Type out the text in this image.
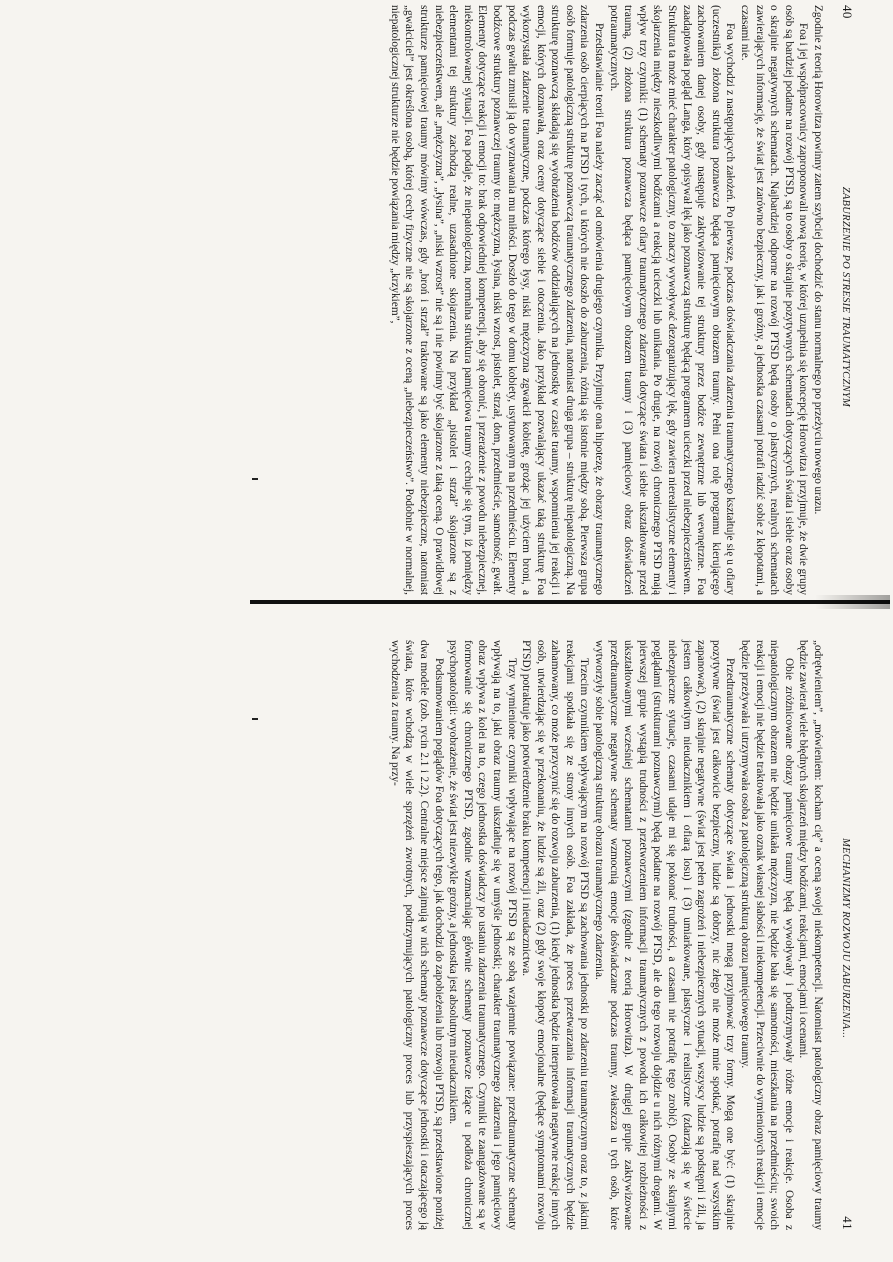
40
ZABURZENIE PO STRESIE TRAUMATYCZNYM

Zgodnie z teorią Horowitza powinny zatem szybciej dochodzić do stanu normalnego po przeżyciu nowego urazu.

Foa i jej współpracownicy zaproponowali nową teorię, w której uzupełnia się koncepcję Horowitza i przyjmuje, że dwie grupy osób są bardziej podatne na rozwój PTSD, są to osoby o skrajnie pozytywnych schematach dotyczących świata i siebie oraz osoby o skrajnie negatywnych schematach. Najbardziej odporne na rozwój PTSD będą osoby o plastycznych, realnych schematach zawierających informację, że świat jest zarówno bezpieczny, jak i groźny, a jednostka czasami potrafi radzić sobie z kłopotami, a czasami nie.

Foa wychodzi z następujących założeń. Po pierwsze, podczas doświadczania zdarzenia traumatycznego kształtuje się u ofiary (uczestnika) złożona struktura poznawcza będąca pamięciowym obrazem traumy. Pełni ona rolę programu kierującego zachowaniem danej osoby, gdy następuje zaktywizowanie tej struktury przez bodźce zewnętrzne lub wewnętrzne. Foa zaadaptowała pogląd Langa, który opisywał lęk jako poznawczą strukturę będącą programem ucieczki przed niebezpieczeństwem. Struktura ta może mieć charakter patologiczny, to znaczy wywoływać dezorganizujący lęk, gdy zawiera nierealistyczne elementy i skojarzenia między nieszkodliwymi bodźcami a reakcją ucieczki lub unikania. Po drugie, na rozwój chronicznego PTSD mają wpływ trzy czynniki: (1) schematy poznawcze ofiary traumatycznego zdarzenia dotyczące świata i siebie ukształtowane przed traumą, (2) złożona struktura poznawcza będąca pamięciowym obrazem traumy i (3) pamięciowy obraz doświadczeń potraumatycznych.

Przedstawianie teorii Foa należy zacząć od omówienia drugiego czynnika. Przyjmuje ona hipotezę, że obrazy traumatycznego zdarzenia osób cierpiących na PTSD i tych, u których nie doszło do zaburzenia, różnią się istotnie między sobą. Pierwsza grupa osób formuje patologiczną strukturę poznawczą traumatycznego zdarzenia, natomiast druga grupa – strukturę niepatologiczną. Na strukturę poznawczą składają się wyobrażenia bodźców oddziałujących na jednostkę w czasie traumy, wspomnienia jej reakcji i emocji, których doznawała, oraz oceny dotyczące siebie i otoczenia. Jako przykład pozwalający ukazać taką strukturę Foa wykorzystała zdarzenie traumatyczne, podczas którego łysy, niski mężczyzna zgwałcił kobietę, grożąc jej użyciem broni, a podczas gwałtu zmusił ją do wyznawania mu miłości. Doszło do tego w domu kobiety, usytuowanym na przedmieściu. Elementy bodźcowe struktury poznawczej traumy to: mężczyzna, łysina, niski wzrost, pistolet, strzał, dom, przedmieście, samotność, gwałt. Elementy dotyczące reakcji i emocji to: brak odpowiedniej kompetencji, aby się obronić, i przerażenie z powodu niebezpiecznej, niekontrolowanej sytuacji. Foa podaje, że niepatologiczna, normalna struktura pamięciowa traumy cechuje się tym, iż pomiędzy elementami tej struktury zachodzą realne, uzasadnione skojarzenia. Na przykład „pistolet i strzał” skojarzone są z niebezpieczeństwem, ale „mężczyzna”, „łysina”, „niski wzrost” nie są i nie powinny być skojarzone z taką oceną. O prawidłowej strukturze pamięciowej traumy mówimy wówczas, gdy „broń i strzał” traktowane są jako elementy niebezpieczne, natomiast „gwałciciel” jest określona osobą, której cechy fizyczne nie są skojarzone z oceną „niebezpieczeństwo”. Podobnie w normalnej, niepatologicznej strukturze nie będzie powiązania między „krzykiem”,

MECHANIZMY ROZWOJU ZABURZENIA...
41

„odrętwieniem”, „mówieniem: kocham cię” a oceną swojej niekompetencji. Natomiast patologiczny obraz pamięciowy traumy będzie zawierał wiele błędnych skojarzeń między bodźcami, reakcjami, emocjami i ocenami.

Obie zróżnicowane obrazy pamięciowe traumy będą wywoływały i podtrzymywały różne emocje i reakcje. Osoba z niepatologicznym obrazem nie będzie unikała mężczyzn, nie będzie bała się samotności, mieszkania na przedmieściu; swoich reakcji i emocji nie będzie traktowała jako oznak własnej słabości i niekompetencji. Przeciwnie do wymienionych reakcji i emocje będzie przeżywała i utrzymywała osoba z patologiczną strukturą obrazu pamięciowego traumy.

Przedtraumatyczne schematy dotyczące świata i jednostki mogą przyjmować trzy formy. Mogą one być: (1) skrajnie pozytywne (świat jest całkowicie bezpieczny, ludzie są dobrzy, nic złego nie może mnie spotkać, potrafię nad wszystkim zapanować), (2) skrajnie negatywne (świat jest pełen zagrożeń i niebezpiecznych sytuacji, wszyscy ludzie są podstępni i źli, ja jestem całkowitym nieudacznikiem i ofiarą losu) i (3) umiarkowane, plastyczne i realistyczne (zdarzają się w świecie niebezpieczne sytuacje, czasami udaje mi się pokonać trudności, a czasami nie potrafię tego zrobić). Osoby ze skrajnymi poglądami (strukturami poznawczymi) będą podatne na rozwój PTSD, ale do tego rozwoju dojdzie u nich różnymi drogami. W pierwszej grupie wystąpią trudności z przetworzeniem informacji traumatycznych z powodu ich całkowitej rozbieżności z ukształtowanymi wcześniej schematami poznawczymi (zgodnie z teorią Horowitza). W drugiej grupie zaktywizowane przedtraumatyczne negatywne schematy wzmocnią emocje doświadczane podczas traumy, zwłaszcza u tych osób, które wytworzyły sobie patologiczną strukturę obrazu traumatycznego zdarzenia.

Trzecim czynnikiem wpływającym na rozwój PTSD są zachowania jednostki po zdarzeniu traumatycznym oraz to, z jakimi reakcjami spotkała się ze strony innych osób. Foa zakłada, że proces przetwarzania informacji traumatycznych będzie zahamowany, co może przyczynić się do rozwoju zaburzenia, (1) kiedy jednostka będzie interpretowała negatywne reakcje innych osób, utwierdzając się w przekonaniu, że ludzie są źli, oraz (2) gdy swoje kłopoty emocjonalne (będące symptomami rozwoju PTSD) potraktuje jako potwierdzenie braku kompetencji i nieudacznictwa.

Trzy wymienione czynniki wpływające na rozwój PTSD są ze sobą wzajemnie powiązane: przedtraumatyczne schematy wpływają na to, jaki obraz traumy ukształtuje się w umyśle jednostki; charakter traumatycznego zdarzenia i jego pamięciowy obraz wpływa z kolei na to, czego jednostka doświadczy po ustaniu zdarzenia traumatycznego. Czynniki te zaangażowane są w formowanie się chronicznego PTSD, zgodnie wzmacniając głównie schematy poznawcze leżące u podłoża chronicznej psychopatologii: wyobrażenie, że świat jest niezwykle groźny, a jednostka jest absolutnym nieudacznikiem.

Podsumowaniem poglądów Foa dotyczących tego, jak dochodzi do zapobieżenia lub rozwoju PTSD, są przedstawione poniżej dwa modele (zob. rycin 2.1 i 2.2). Centralne miejsce zajmują w nich schematy poznawcze dotyczące jednostki i otaczającego ją świata, które wchodzą w wiele sprzężeń zwrotnych, podtrzymujących patologiczny proces lub przyspieszających proces wychodzenia z traumy. Na przy-
